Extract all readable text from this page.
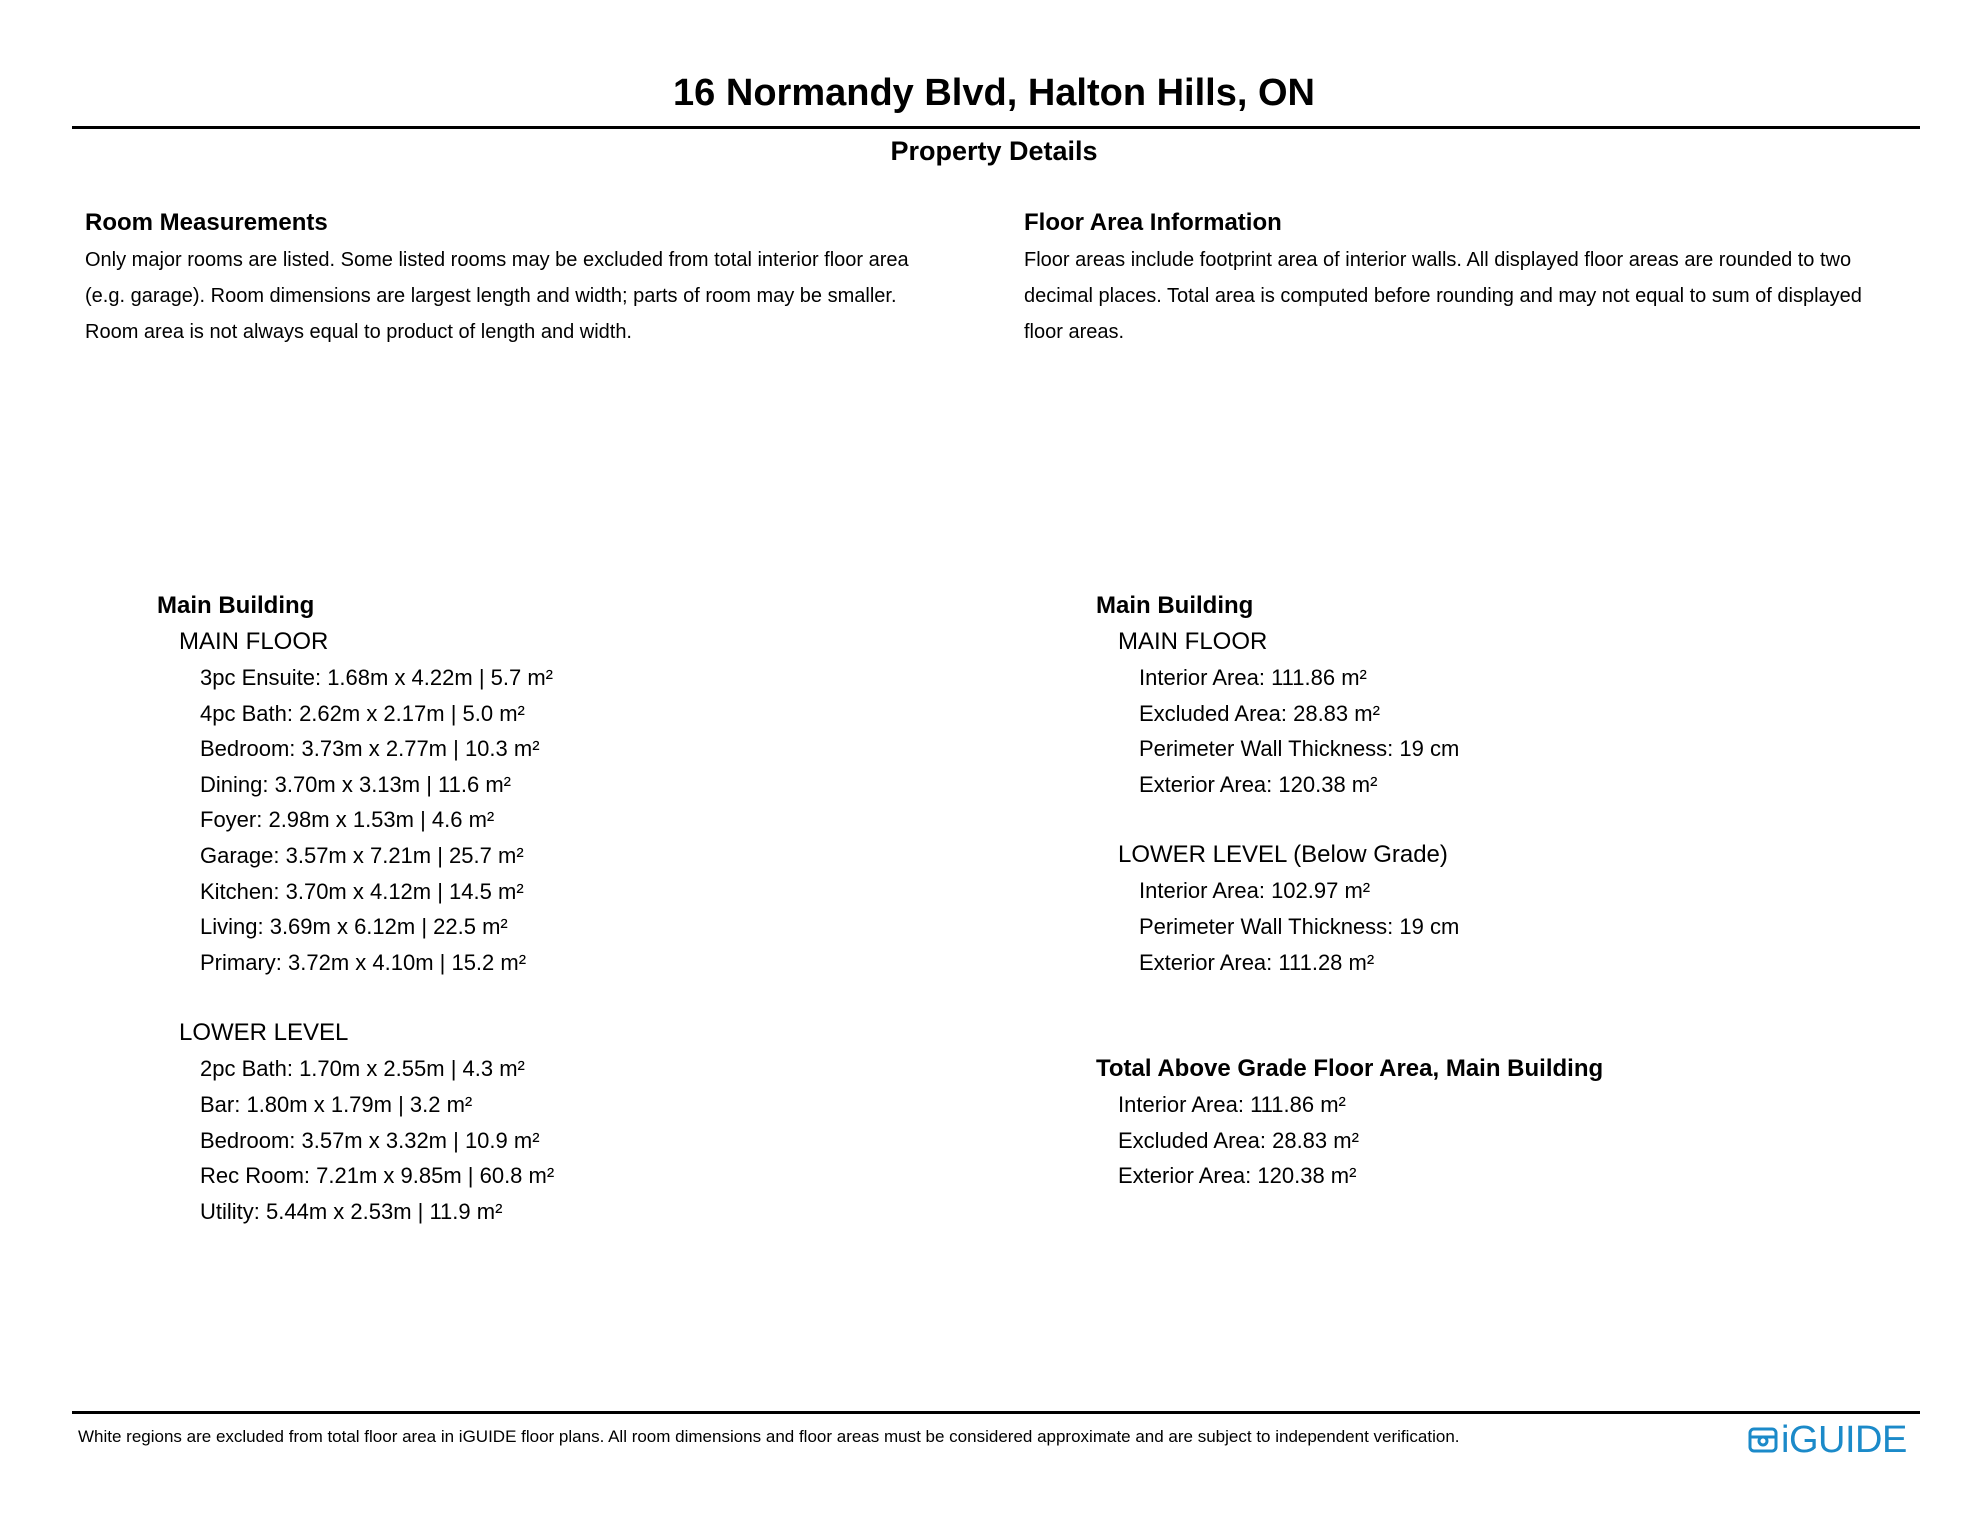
16 Normandy Blvd, Halton Hills, ON
Property Details
Room Measurements
Only major rooms are listed. Some listed rooms may be excluded from total interior floor area
(e.g. garage). Room dimensions are largest length and width; parts of room may be smaller.
Room area is not always equal to product of length and width.
Main Building
MAIN FLOOR
3pc Ensuite: 1.68m x 4.22m | 5.7 m²
4pc Bath: 2.62m x 2.17m | 5.0 m²
Bedroom: 3.73m x 2.77m | 10.3 m²
Dining: 3.70m x 3.13m | 11.6 m²
Foyer: 2.98m x 1.53m | 4.6 m²
Garage: 3.57m x 7.21m | 25.7 m²
Kitchen: 3.70m x 4.12m | 14.5 m²
Living: 3.69m x 6.12m | 22.5 m²
Primary: 3.72m x 4.10m | 15.2 m²
LOWER LEVEL
2pc Bath: 1.70m x 2.55m | 4.3 m²
Bar: 1.80m x 1.79m | 3.2 m²
Bedroom: 3.57m x 3.32m | 10.9 m²
Rec Room: 7.21m x 9.85m | 60.8 m²
Utility: 5.44m x 2.53m | 11.9 m²
Floor Area Information
Floor areas include footprint area of interior walls. All displayed floor areas are rounded to two
decimal places. Total area is computed before rounding and may not equal to sum of displayed
floor areas.
Main Building
MAIN FLOOR
Interior Area: 111.86 m²
Excluded Area: 28.83 m²
Perimeter Wall Thickness: 19 cm
Exterior Area: 120.38 m²
LOWER LEVEL (Below Grade)
Interior Area: 102.97 m²
Perimeter Wall Thickness: 19 cm
Exterior Area: 111.28 m²
Total Above Grade Floor Area, Main Building
Interior Area: 111.86 m²
Excluded Area: 28.83 m²
Exterior Area: 120.38 m²
White regions are excluded from total floor area in iGUIDE floor plans. All room dimensions and floor areas must be considered approximate and are subject to independent verification.	iGUIDE
